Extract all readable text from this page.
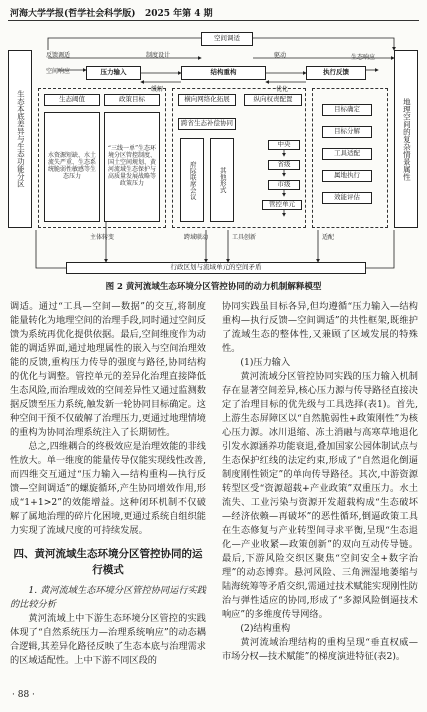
河海大学学报(哲学社会科学版) 2025 年第 4 期
空间调适
反馈调适
空间响应
制度设计	驱动
缓解	优化
生态响应
生态本底差异与生态功能分区	地理空间的复杂情景属性
压力输入	结构重构	执行反馈
生态阈值	政策目标
水资源短缺、水土流失严重、生态系统脆弱性敏感等生态压力
“三线一单”生态环境分区管控制度、国土空间规划、黄河流域生态保护与高质量发展战略等政策压力
横向网络化拓展	纵向权责配置
跨省生态补偿协同
府际联席会议	其他形式
中央
省级
市级
管控单元
目标确定
目标分解
工具适配
属地执行
效能评估
主体转变	跨域联动	工具创新	适配
行政区划与流域单元的空间矛盾
图 2 黄河流域生态环境分区管控协同的动力机制解释模型

调适。通过“工具—空间—数据”的交互,将制度能量转化为地理空间的治理手段,同时通过空间反馈为系统再优化提供依据。最后,空间维度作为动能的调适界面,通过地理属性的嵌入与空间治理效能的反馈,重构压力传导的强度与路径,协同结构的优化与调整。管控单元的差异化治理直接降低生态风险,而治理成效的空间差异性又通过监测数据反馈至压力系统,触发新一轮协同目标确定。这种空间干预不仅破解了治理压力,更通过地理情境的重构为协同治理系统注入了长期韧性。

总之,四维耦合的终极效应是治理效能的非线性放大。单一维度的能量传导仅能实现线性改善,而四维交互通过“压力输入—结构重构—执行反馈—空间调适”的螺旋循环,产生协同增效作用,形成“1+1>2”的效能增益。这种闭环机制不仅破解了属地治理的碎片化困境,更通过系统自组织能力实现了流域尺度的可持续发展。

四、黄河流域生态环境分区管控协同的运行模式

1. 黄河流域生态环境分区管控协同运行实践的比较分析

黄河流域上中下游生态环境分区管控的实践体现了“自然系统压力—治理系统响应”的动态耦合逻辑,其差异化路径反映了生态本底与治理需求的区域适配性。上中下游不同区段的

协同实践虽目标各异,但均遵循“压力输入—结构重构—执行反馈—空间调适”的共性框架,既维护了流域生态的整体性,又兼顾了区域发展的特殊性。

(1)压力输入

黄河流域分区管控协同实践的压力输入机制存在显著空间差异,核心压力源与传导路径直接决定了治理目标的优先级与工具选择(表1)。首先,上游生态屏障区以“自然脆弱性+政策刚性”为核心压力源。冰川退缩、冻土消融与高寒草地退化引发水源涵养功能衰退,叠加国家公园体制试点与生态保护红线的法定约束,形成了“自然退化倒逼制度刚性锁定”的单向传导路径。其次,中游资源转型区受“资源超载+产业政策”双重压力。水土流失、工业污染与资源开发超载构成“生态破坏—经济依赖—再破坏”的恶性循环,倒逼政策工具在生态修复与产业转型间寻求平衡,呈现“生态退化—产业收紧—政策创新”的双向互动传导链。最后,下游风险交织区聚焦“空间安全+数字治理”的动态博弈。悬河风险、三角洲湿地萎缩与陆海统筹等矛盾交织,需通过技术赋能实现刚性防治与弹性适应的协同,形成了“多源风险倒逼技术响应”的多维度传导网络。

(2)结构重构

黄河流域治理结构的重构呈现“垂直权威—市场分权—技术赋能”的梯度演进特征(表2)。

· 88 ·
